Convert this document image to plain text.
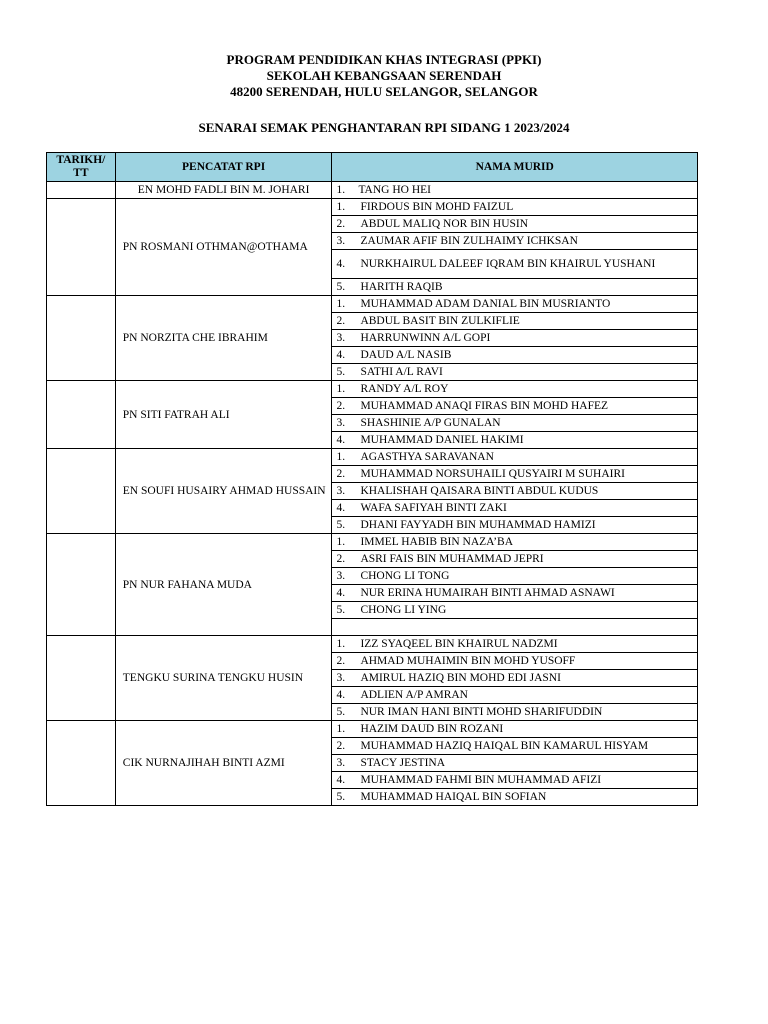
PROGRAM PENDIDIKAN KHAS INTEGRASI (PPKI)
SEKOLAH KEBANGSAAN SERENDAH
48200 SERENDAH, HULU SELANGOR, SELANGOR
SENARAI SEMAK PENGHANTARAN RPI SIDANG 1 2023/2024
TARIKH/
TT	PENCATAT RPI	NAMA MURID
	EN MOHD FADLI BIN M. JOHARI	1. TANG HO HEI
	PN ROSMANI OTHMAN@OTHAMA	1. FIRDOUS BIN MOHD FAIZUL
		2. ABDUL MALIQ NOR BIN HUSIN
		3. ZAUMAR AFIF BIN ZULHAIMY ICHKSAN
		4. NURKHAIRUL DALEEF IQRAM BIN KHAIRUL YUSHANI
		5. HARITH RAQIB
	PN NORZITA CHE IBRAHIM	1. MUHAMMAD ADAM DANIAL BIN MUSRIANTO
		2. ABDUL BASIT BIN ZULKIFLIE
		3. HARRUNWINN A/L GOPI
		4. DAUD A/L NASIB
		5. SATHI A/L RAVI
	PN SITI FATRAH ALI	1. RANDY A/L ROY
		2. MUHAMMAD ANAQI FIRAS BIN MOHD HAFEZ
		3. SHASHINIE A/P GUNALAN
		4. MUHAMMAD DANIEL HAKIMI
	EN SOUFI HUSAIRY AHMAD HUSSAIN	1. AGASTHYA SARAVANAN
		2. MUHAMMAD NORSUHAILI QUSYAIRI M SUHAIRI
		3. KHALISHAH QAISARA BINTI ABDUL KUDUS
		4. WAFA SAFIYAH BINTI ZAKI
		5. DHANI FAYYADH BIN MUHAMMAD HAMIZI
	PN NUR FAHANA MUDA	1. IMMEL HABIB BIN NAZA’BA
		2. ASRI FAIS BIN MUHAMMAD JEPRI
		3. CHONG LI TONG
		4. NUR ERINA HUMAIRAH BINTI AHMAD ASNAWI
		5. CHONG LI YING

	TENGKU SURINA TENGKU HUSIN	1. IZZ SYAQEEL BIN KHAIRUL NADZMI
		2. AHMAD MUHAIMIN BIN MOHD YUSOFF
		3. AMIRUL HAZIQ BIN MOHD EDI JASNI
		4. ADLIEN A/P AMRAN
		5. NUR IMAN HANI BINTI MOHD SHARIFUDDIN
	CIK NURNAJIHAH BINTI AZMI	1. HAZIM DAUD BIN ROZANI
		2. MUHAMMAD HAZIQ HAIQAL BIN KAMARUL HISYAM
		3. STACY JESTINA
		4. MUHAMMAD FAHMI BIN MUHAMMAD AFIZI
		5. MUHAMMAD HAIQAL BIN SOFIAN
